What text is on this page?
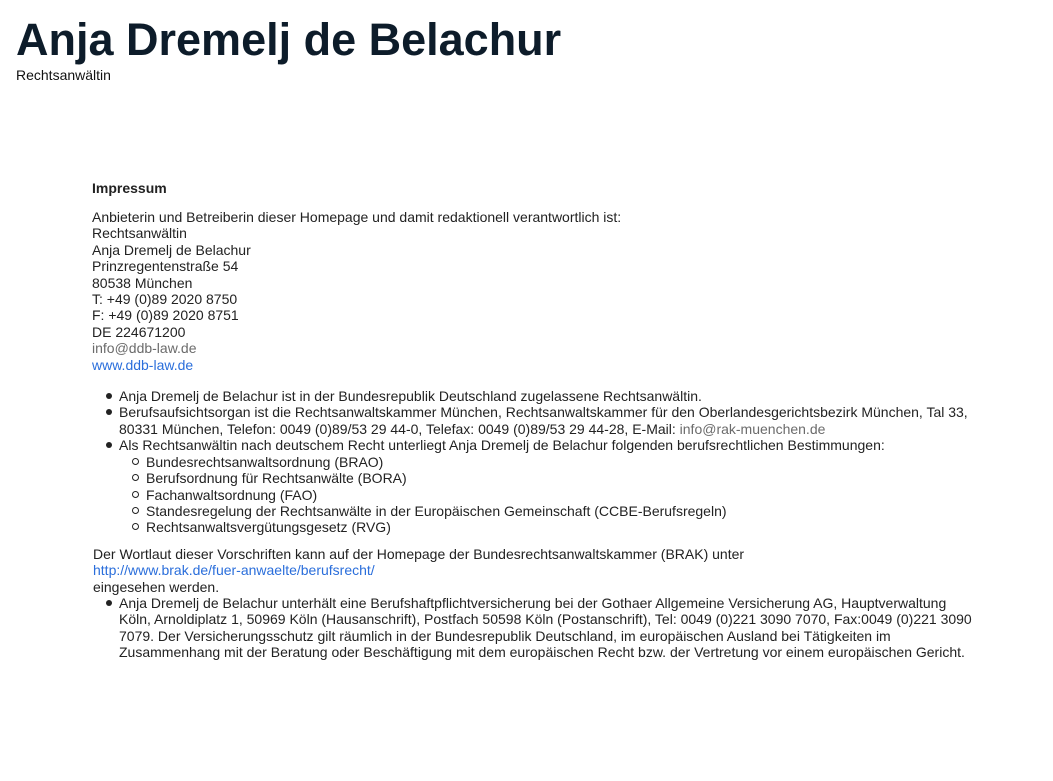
Anja Dremelj de Belachur
Rechtsanwältin
Impressum

Anbieterin und Betreiberin dieser Homepage und damit redaktionell verantwortlich ist:

Rechtsanwältin

Anja Dremelj de Belachur

Prinzregentenstraße 54

80538 München

T: +49 (0)89 2020 8750

F: +49 (0)89 2020 8751

DE 224671200

info@ddb-law.de

www.ddb-law.de

Anja Dremelj de Belachur ist in der Bundesrepublik Deutschland zugelassene Rechtsanwältin.
Berufsaufsichtsorgan ist die Rechtsanwaltskammer München, Rechtsanwaltskammer für den Oberlandesgerichtsbezirk München, Tal 33, 80331 München, Telefon: 0049 (0)89/53 29 44-0, Telefax: 0049 (0)89/53 29 44-28, E-Mail: info@rak-muenchen.de
Als Rechtsanwältin nach deutschem Recht unterliegt Anja Dremelj de Belachur folgenden berufsrechtlichen Bestimmungen:
Bundesrechtsanwaltsordnung (BRAO)
Berufsordnung für Rechtsanwälte (BORA)
Fachanwaltsordnung (FAO)
Standesregelung der Rechtsanwälte in der Europäischen Gemeinschaft (CCBE-Berufsregeln)
Rechtsanwaltsvergütungsgesetz (RVG)

Der Wortlaut dieser Vorschriften kann auf der Homepage der Bundesrechtsanwaltskammer (BRAK) unter

http://www.brak.de/fuer-anwaelte/berufsrecht/

eingesehen werden.

Anja Dremelj de Belachur unterhält eine Berufshaftpflichtversicherung bei der Gothaer Allgemeine Versicherung AG, Hauptverwaltung Köln, Arnoldiplatz 1, 50969 Köln (Hausanschrift), Postfach 50598 Köln (Postanschrift), Tel: 0049 (0)221 3090 7070, Fax:0049 (0)221 3090 7079. Der Versicherungsschutz gilt räumlich in der Bundesrepublik Deutschland, im europäischen Ausland bei Tätigkeiten im Zusammenhang mit der Beratung oder Beschäftigung mit dem europäischen Recht bzw. der Vertretung vor einem europäischen Gericht.
